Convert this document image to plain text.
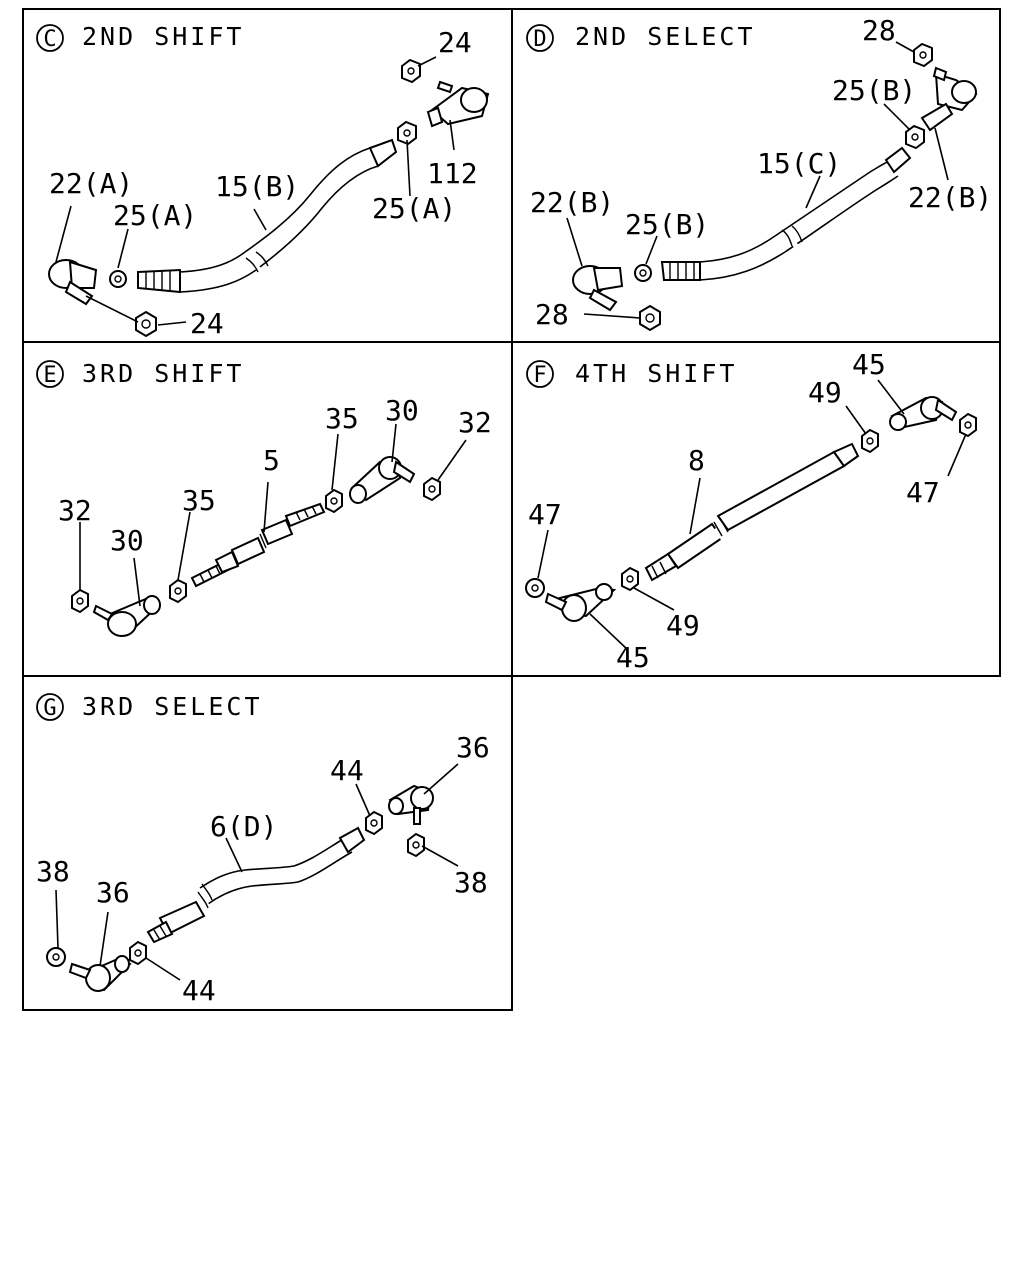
C 2ND SHIFT	24
112
25(A)
15(B)
22(A)
25(A)
24
D 2ND SELECT	28
25(B)
15(C)
22(B)
22(B)
25(B)
28
E 3RD SHIFT
30
35	32
5
35
32
30
F 4TH SHIFT	45
49
47
8
47
49
45
G 3RD SELECT
36
44
6(D)
38
36
38
44
